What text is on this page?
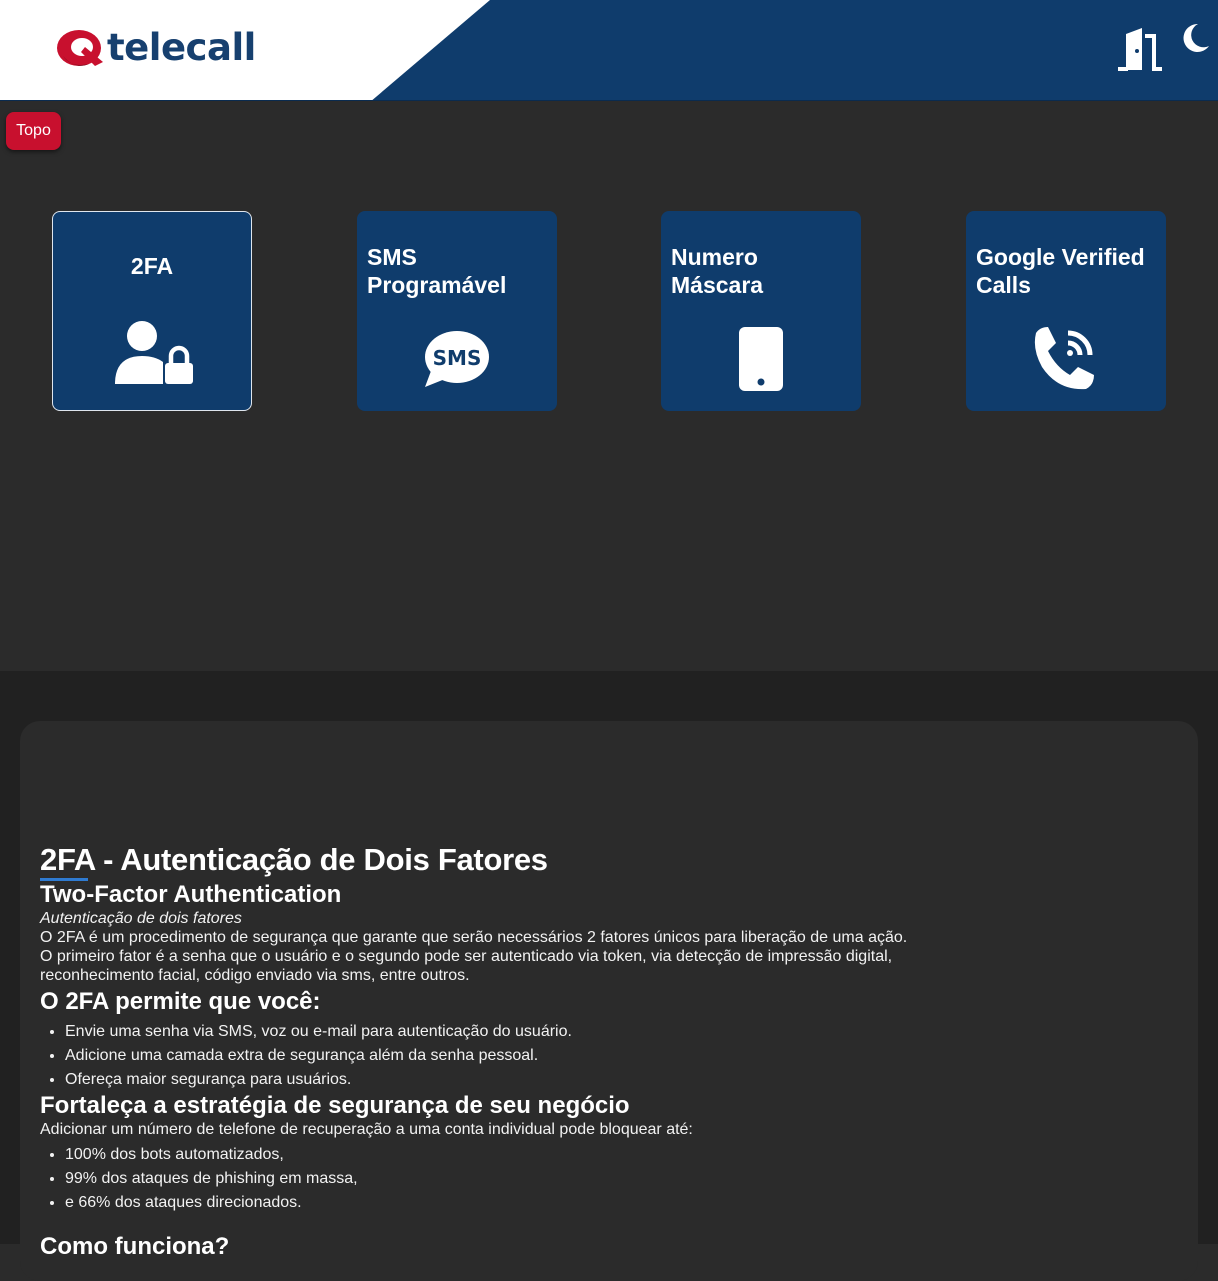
telecall
Topo
2FA	SMS Programável
SMS
Numero Máscara
Google Verified Calls
2FA - Autenticação de Dois Fatores
Two-Factor Authentication
Autenticação de dois fatores

O 2FA é um procedimento de segurança que garante que serão necessários 2 fatores únicos para liberação de uma ação.

O primeiro fator é a senha que o usuário e o segundo pode ser autenticado via token, via detecção de impressão digital, reconhecimento facial, código enviado via sms, entre outros.

O 2FA permite que você:
• Envie uma senha via SMS, voz ou e-mail para autenticação do usuário.
• Adicione uma camada extra de segurança além da senha pessoal.
• Ofereça maior segurança para usuários.
Fortaleça a estratégia de segurança de seu negócio

Adicionar um número de telefone de recuperação a uma conta individual pode bloquear até:

• 100% dos bots automatizados,
• 99% dos ataques de phishing em massa,
• e 66% dos ataques direcionados.
Como funciona?
